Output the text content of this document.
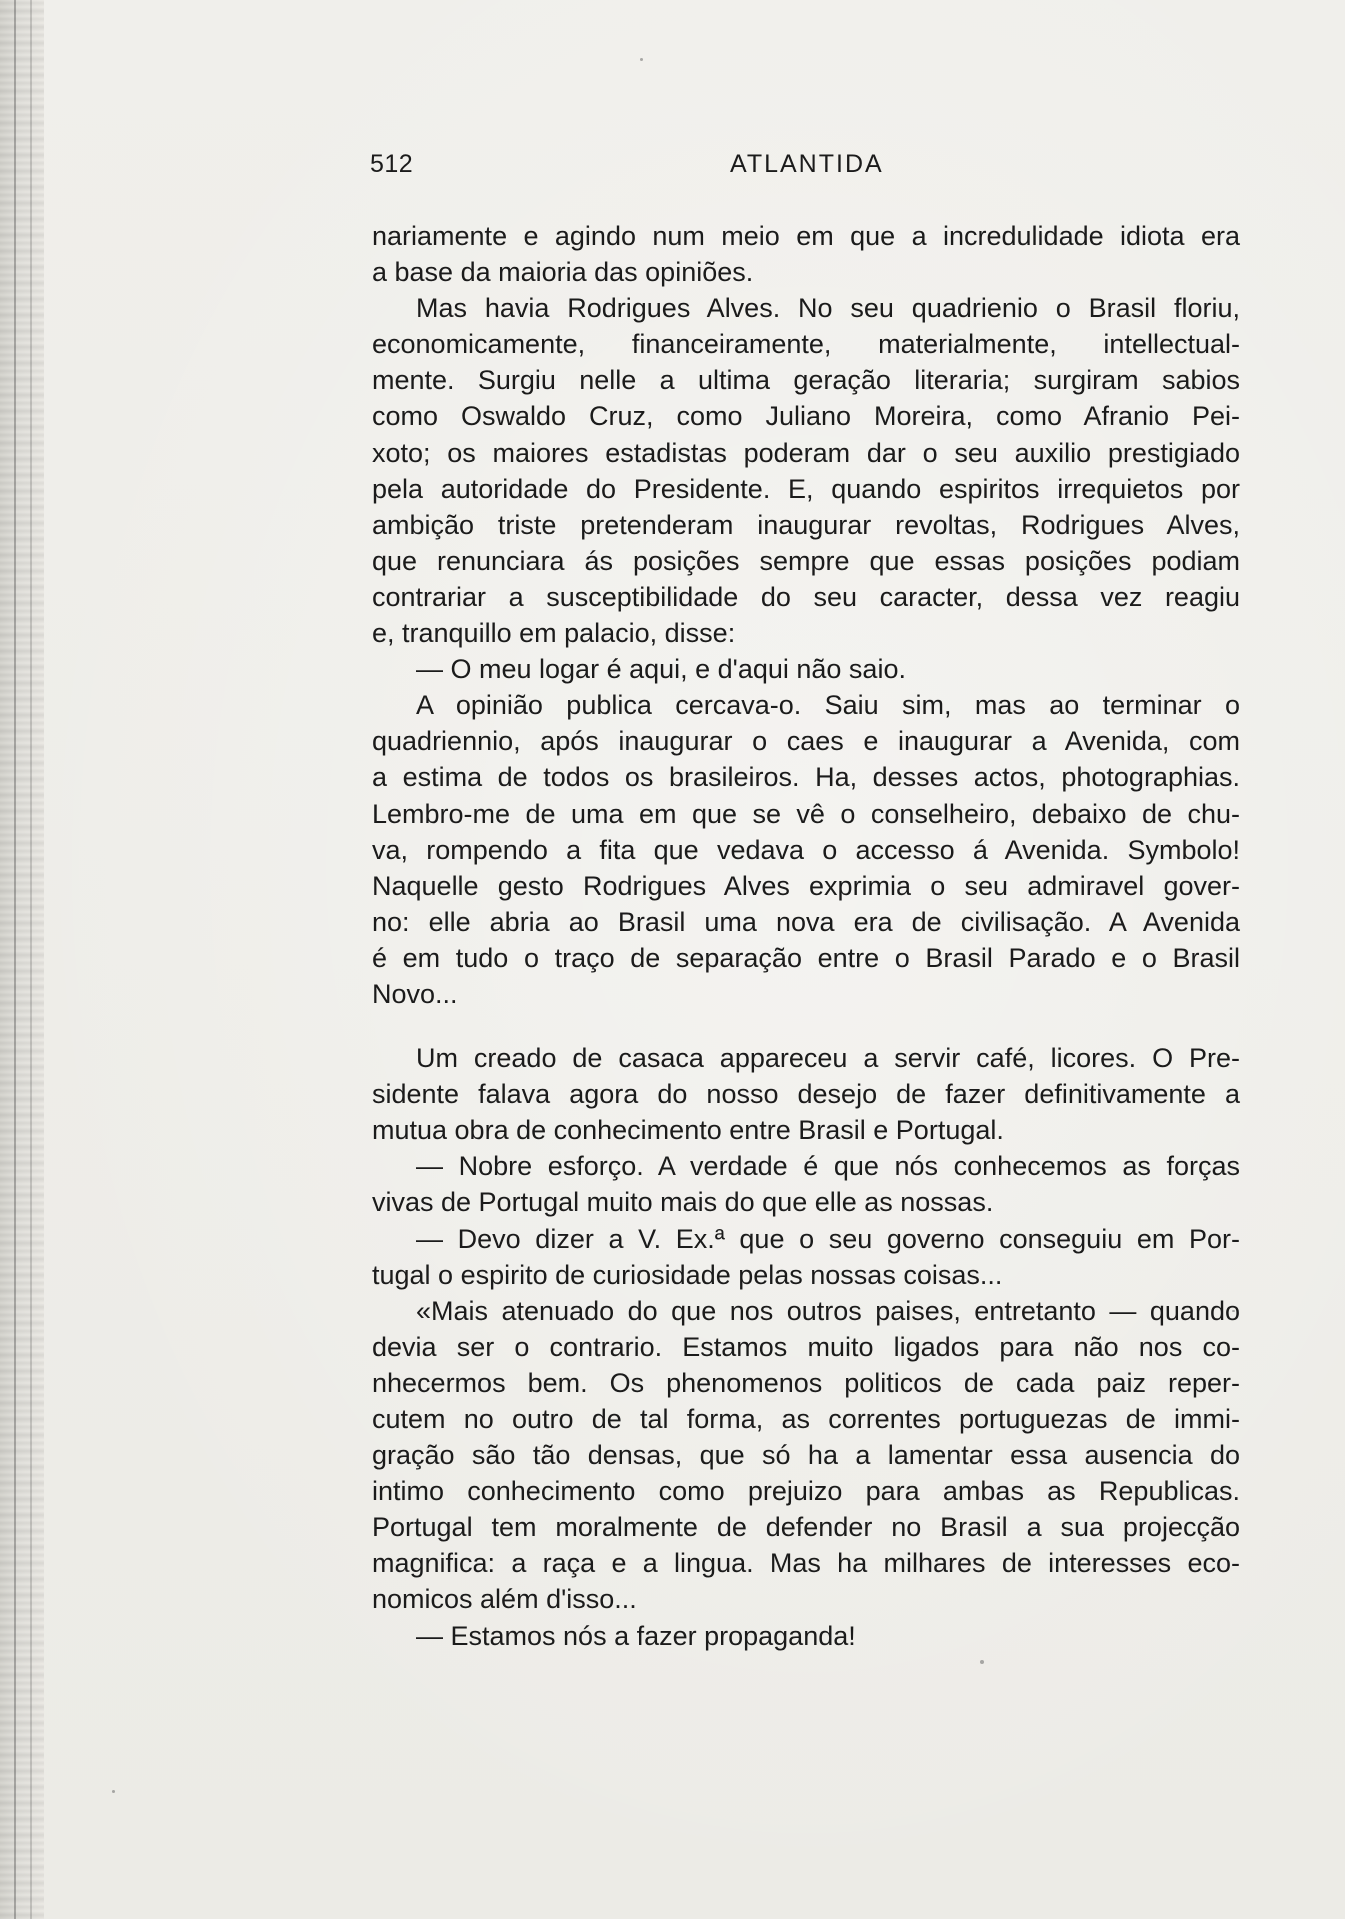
512	ATLANTIDA

nariamente e agindo num meio em que a incredulidade idiota era

a base da maioria das opiniões.

Mas havia Rodrigues Alves. No seu quadrienio o Brasil floriu,

economicamente, financeiramente, materialmente, intellectual-

mente. Surgiu nelle a ultima geração literaria; surgiram sabios

como Oswaldo Cruz, como Juliano Moreira, como Afranio Pei-

xoto; os maiores estadistas poderam dar o seu auxilio prestigiado

pela autoridade do Presidente. E, quando espiritos irrequietos por

ambição triste pretenderam inaugurar revoltas, Rodrigues Alves,

que renunciara ás posições sempre que essas posições podiam

contrariar a susceptibilidade do seu caracter, dessa vez reagiu

e, tranquillo em palacio, disse:

— O meu logar é aqui, e d'aqui não saio.

A opinião publica cercava-o. Saiu sim, mas ao terminar o

quadriennio, após inaugurar o caes e inaugurar a Avenida, com

a estima de todos os brasileiros. Ha, desses actos, photographias.

Lembro-me de uma em que se vê o conselheiro, debaixo de chu-

va, rompendo a fita que vedava o accesso á Avenida. Symbolo!

Naquelle gesto Rodrigues Alves exprimia o seu admiravel gover-

no: elle abria ao Brasil uma nova era de civilisação. A Avenida

é em tudo o traço de separação entre o Brasil Parado e o Brasil

Novo...

Um creado de casaca appareceu a servir café, licores. O Pre-

sidente falava agora do nosso desejo de fazer definitivamente a

mutua obra de conhecimento entre Brasil e Portugal.

— Nobre esforço. A verdade é que nós conhecemos as forças

vivas de Portugal muito mais do que elle as nossas.

— Devo dizer a V. Ex.ª que o seu governo conseguiu em Por-

tugal o espirito de curiosidade pelas nossas coisas...

«Mais atenuado do que nos outros paises, entretanto — quando

devia ser o contrario. Estamos muito ligados para não nos co-

nhecermos bem. Os phenomenos politicos de cada paiz reper-

cutem no outro de tal forma, as correntes portuguezas de immi-

gração são tão densas, que só ha a lamentar essa ausencia do

intimo conhecimento como prejuizo para ambas as Republicas.

Portugal tem moralmente de defender no Brasil a sua projecção

magnifica: a raça e a lingua. Mas ha milhares de interesses eco-

nomicos além d'isso...

— Estamos nós a fazer propaganda!
